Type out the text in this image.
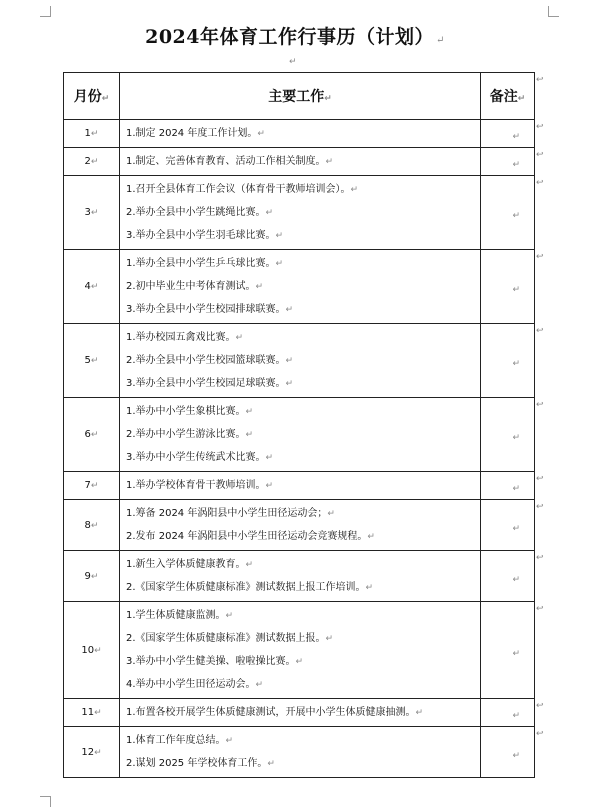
2024年体育工作行事历（计划） ↵
↵
月份↵	主要工作↵	备注↵
1↵	1.制定 2024 年度工作计划。↵	↵
2↵	1.制定、完善体育教育、活动工作相关制度。↵	↵
3↵	1.召开全县体育工作会议（体育骨干教师培训会）。↵
2.举办全县中小学生跳绳比赛。↵
3.举办全县中小学生羽毛球比赛。↵	↵
4↵	1.举办全县中小学生乒乓球比赛。↵
2.初中毕业生中考体育测试。↵
3.举办全县中小学生校园排球联赛。↵	↵
5↵	1.举办校园五禽戏比赛。↵
2.举办全县中小学生校园篮球联赛。↵
3.举办全县中小学生校园足球联赛。↵	↵
6↵	1.举办中小学生象棋比赛。↵
2.举办中小学生游泳比赛。↵
3.举办中小学生传统武术比赛。↵	↵
7↵	1.举办学校体育骨干教师培训。↵	↵
8↵	1.筹备 2024 年涡阳县中小学生田径运动会；↵
2.发布 2024 年涡阳县中小学生田径运动会竞赛规程。↵	↵
9↵	1.新生入学体质健康教育。↵
2.《国家学生体质健康标准》测试数据上报工作培训。↵	↵
10↵	1.学生体质健康监测。↵
2.《国家学生体质健康标准》测试数据上报。↵
3.举办中小学生健美操、啦啦操比赛。↵
4.举办中小学生田径运动会。↵	↵
11↵	1.布置各校开展学生体质健康测试，开展中小学生体质健康抽测。↵	↵
12↵	1.体育工作年度总结。↵
2.谋划 2025 年学校体育工作。↵	↵
↩
↩
↩
↩
↩
↩
↩
↩
↩
↩
↩
↩
↩
